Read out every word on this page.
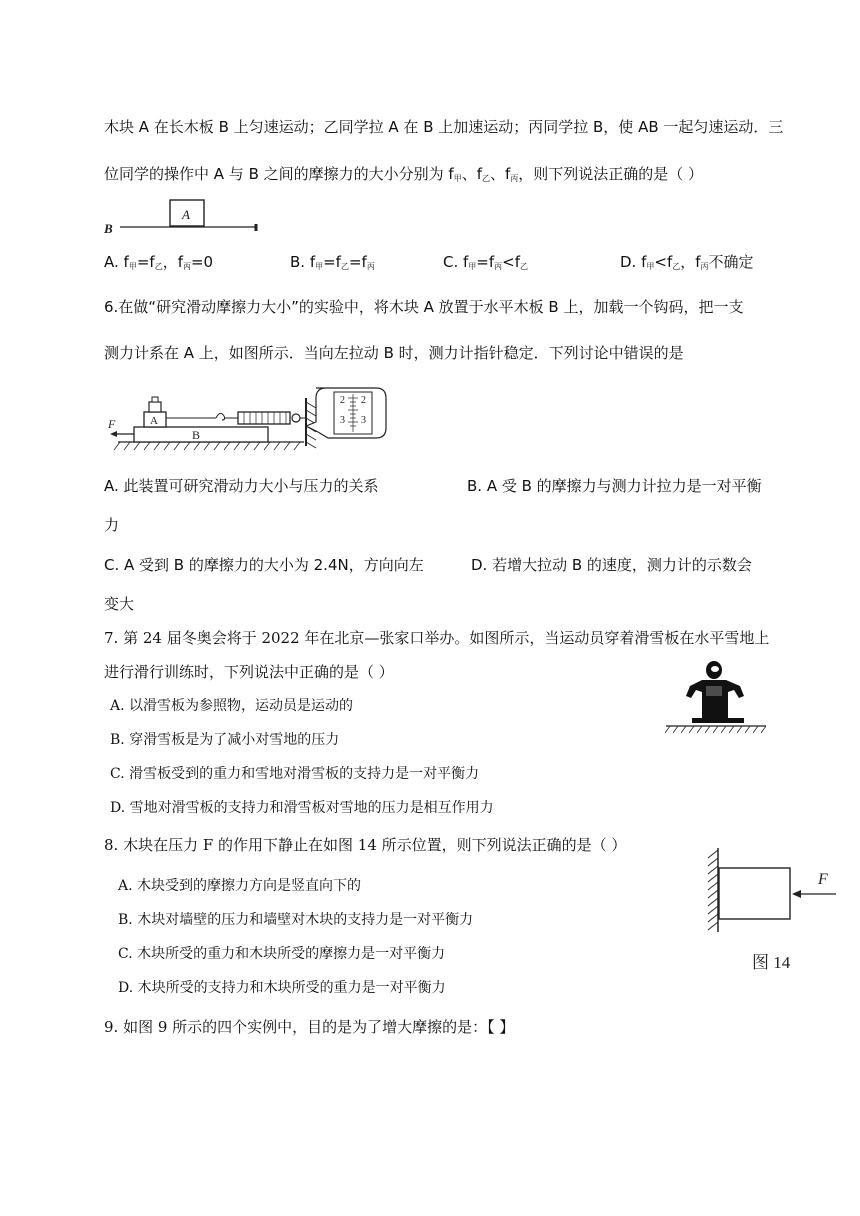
木块 A 在长木板 B 上匀速运动；乙同学拉 A 在 B 上加速运动；丙同学拉 B，使 AB 一起匀速运动．三
位同学的操作中 A 与 B 之间的摩擦力的大小分别为 $f_甲$、$f_乙$、$f_丙$，则下列说法正确的是（ ）
A
B
A. $f_甲=f_乙$，$f_丙=0$	B. $f_甲=f_乙=f_丙$	C. $f_甲=f_丙<f_乙$	D. $f_甲<f_乙$，$f_丙$不确定
6.在做“研究滑动摩擦力大小”的实验中，将木块 A 放置于水平木板 B 上，加载一个钩码，把一支
测力计系在 A 上，如图所示．当向左拉动 B 时，测力计指针稳定．下列讨论中错误的是
B
F	A
2
3
2
3
A. 此装置可研究滑动力大小与压力的关系	B. A 受 B 的摩擦力与测力计拉力是一对平衡
力
C. A 受到 B 的摩擦力的大小为 2.4N，方向向左	D. 若增大拉动 B 的速度，测力计的示数会
变大
7. 第 24 届冬奥会将于 2022 年在北京—张家口举办。如图所示，当运动员穿着滑雪板在水平雪地上
进行滑行训练时，下列说法中正确的是（ ）
A. 以滑雪板为参照物，运动员是运动的
B. 穿滑雪板是为了减小对雪地的压力
C. 滑雪板受到的重力和雪地对滑雪板的支持力是一对平衡力
D. 雪地对滑雪板的支持力和滑雪板对雪地的压力是相互作用力
8. 木块在压力 F 的作用下静止在如图 14 所示位置，则下列说法正确的是（ ）
A. 木块受到的摩擦力方向是竖直向下的
B. 木块对墙壁的压力和墙壁对木块的支持力是一对平衡力
C. 木块所受的重力和木块所受的摩擦力是一对平衡力
D. 木块所受的支持力和木块所受的重力是一对平衡力
F
图 14
9. 如图 9 所示的四个实例中，目的是为了增大摩擦的是：【 】
